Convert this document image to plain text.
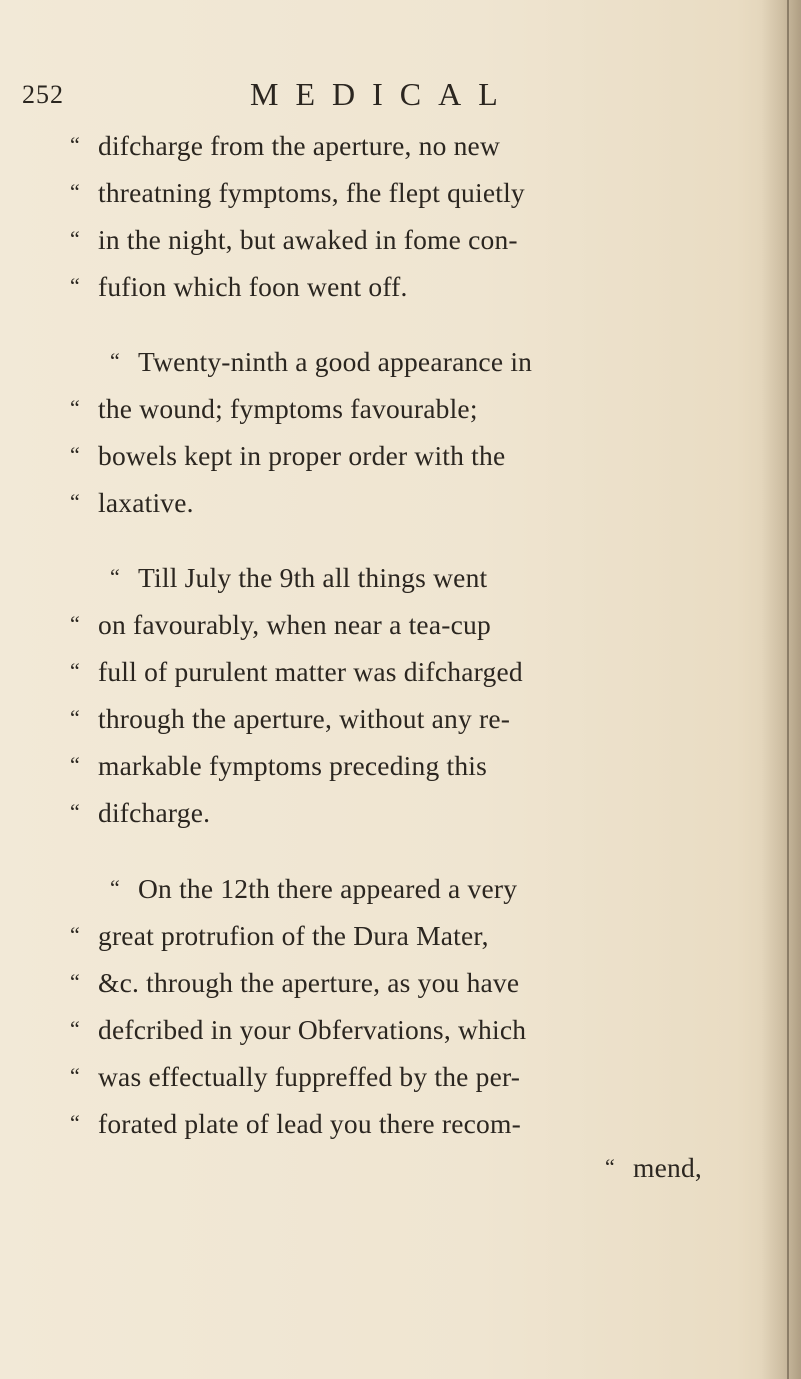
252	MEDICAL
“ difcharge from the aperture, no new
“ threatning fymptoms, fhe flept quietly
“ in the night, but awaked in fome con-
“ fufion which foon went off.
“ Twenty-ninth a good appearance in
“ the wound; fymptoms favourable;
“ bowels kept in proper order with the
“ laxative.
“ Till July the 9th all things went
“ on favourably, when near a tea-cup
“ full of purulent matter was difcharged
“ through the aperture, without any re-
“ markable fymptoms preceding this
“ difcharge.
“ On the 12th there appeared a very
“ great protrufion of the Dura Mater,
“ &c. through the aperture, as you have
“ defcribed in your Obfervations, which
“ was effectually fuppreffed by the per-
“ forated plate of lead you there recom-
“ mend,
